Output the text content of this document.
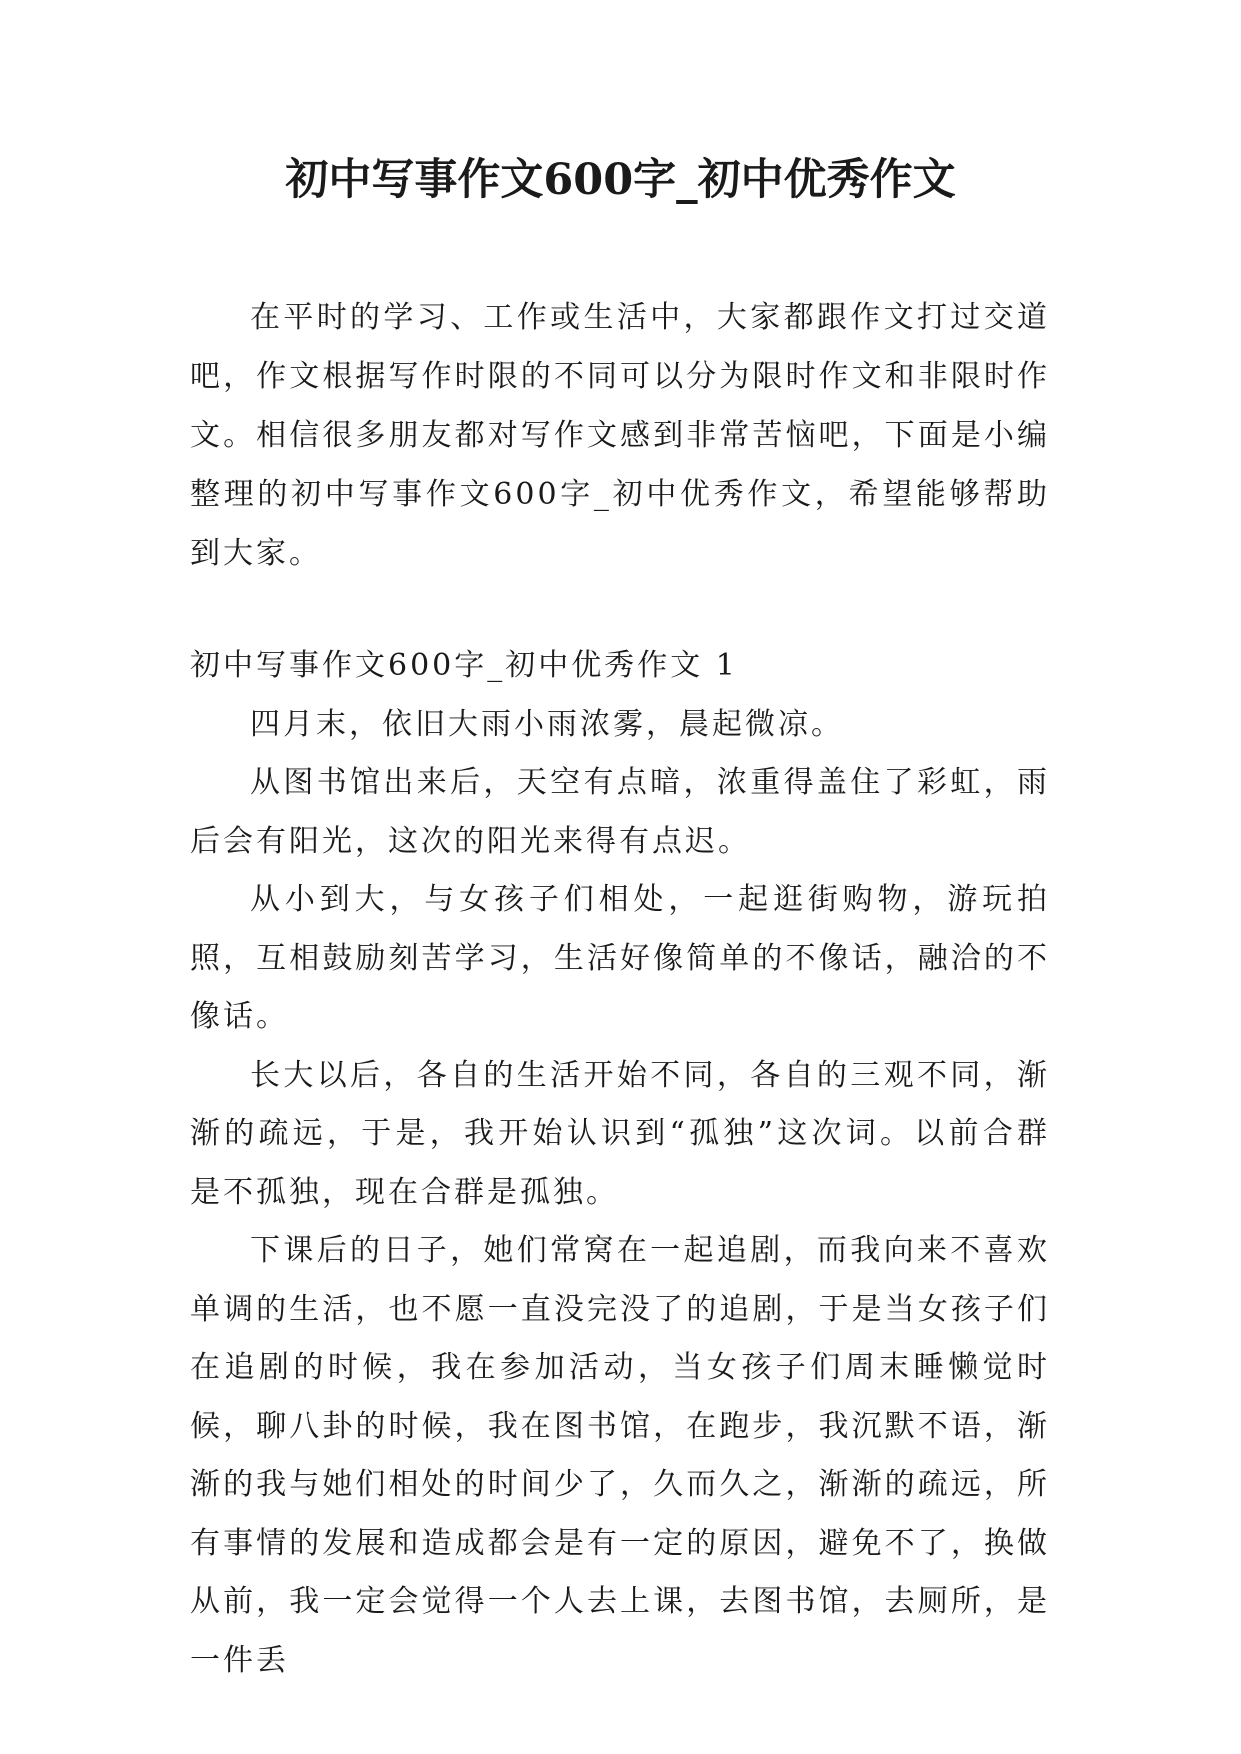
初中写事作文600字_初中优秀作文

在平时的学习、工作或生活中，大家都跟作文打过交道吧，作文根据写作时限的不同可以分为限时作文和非限时作文。相信很多朋友都对写作文感到非常苦恼吧，下面是小编整理的初中写事作文600字_初中优秀作文，希望能够帮助到大家。

初中写事作文600字_初中优秀作文 1

四月末，依旧大雨小雨浓雾，晨起微凉。

从图书馆出来后，天空有点暗，浓重得盖住了彩虹，雨后会有阳光，这次的阳光来得有点迟。

从小到大，与女孩子们相处，一起逛街购物，游玩拍照，互相鼓励刻苦学习，生活好像简单的不像话，融洽的不像话。

长大以后，各自的生活开始不同，各自的三观不同，渐渐的疏远，于是，我开始认识到“孤独”这次词。以前合群是不孤独，现在合群是孤独。

下课后的日子，她们常窝在一起追剧，而我向来不喜欢单调的生活，也不愿一直没完没了的追剧，于是当女孩子们在追剧的时候，我在参加活动，当女孩子们周末睡懒觉时候，聊八卦的时候，我在图书馆，在跑步，我沉默不语，渐渐的我与她们相处的时间少了，久而久之，渐渐的疏远，所有事情的发展和造成都会是有一定的原因，避免不了，换做从前，我一定会觉得一个人去上课，去图书馆，去厕所，是一件丢
